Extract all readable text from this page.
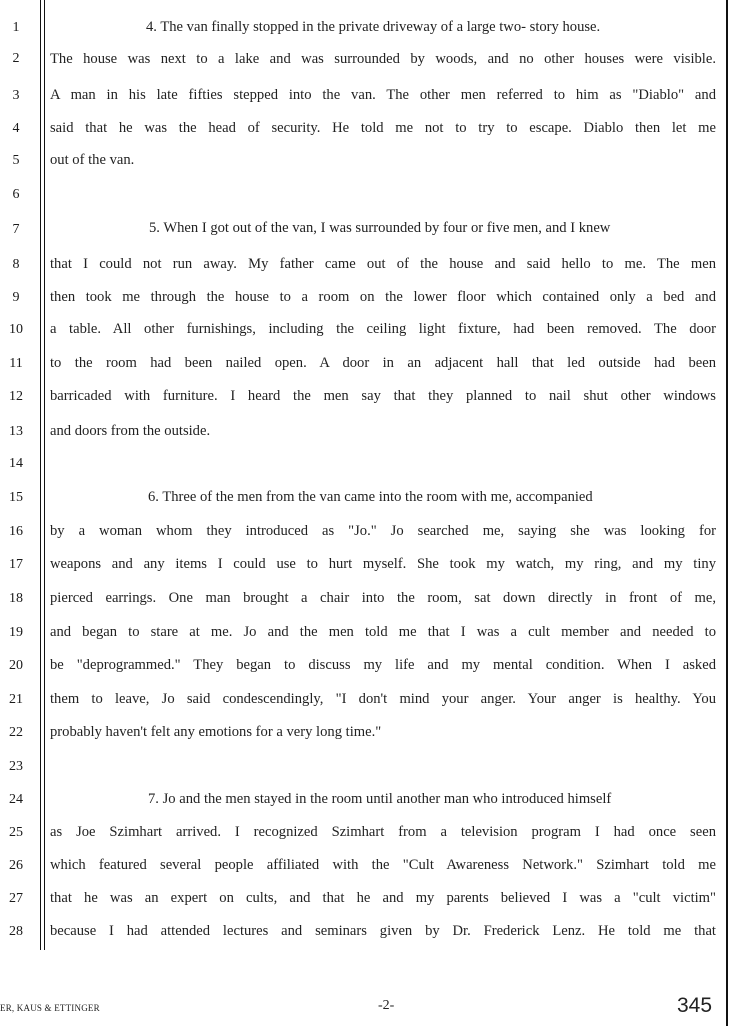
1
2
3
4
5
6
7
8
9
10
11
12
13
14
15
16
17
18
19
20
21
22
23
24
25
26
27
28
4. The van finally stopped in the private driveway of a large two- story house.
The house was next to a lake and was surrounded by woods, and no other houses were visible.
A man in his late fifties stepped into the van. The other men referred to him as "Diablo" and
said that he was the head of security. He told me not to try to escape. Diablo then let me
out of the van.
5. When I got out of the van, I was surrounded by four or five men, and I knew
that I could not run away. My father came out of the house and said hello to me. The men
then took me through the house to a room on the lower floor which contained only a bed and
a table. All other furnishings, including the ceiling light fixture, had been removed. The door
to the room had been nailed open. A door in an adjacent hall that led outside had been
barricaded with furniture. I heard the men say that they planned to nail shut other windows
and doors from the outside.
6. Three of the men from the van came into the room with me, accompanied
by a woman whom they introduced as "Jo." Jo searched me, saying she was looking for
weapons and any items I could use to hurt myself. She took my watch, my ring, and my tiny
pierced earrings. One man brought a chair into the room, sat down directly in front of me,
and began to stare at me. Jo and the men told me that I was a cult member and needed to
be "deprogrammed." They began to discuss my life and my mental condition. When I asked
them to leave, Jo said condescendingly, "I don't mind your anger. Your anger is healthy. You
probably haven't felt any emotions for a very long time."
7. Jo and the men stayed in the room until another man who introduced himself
as Joe Szimhart arrived. I recognized Szimhart from a television program I had once seen
which featured several people affiliated with the "Cult Awareness Network." Szimhart told me
that he was an expert on cults, and that he and my parents believed I was a "cult victim"
because I had attended lectures and seminars given by Dr. Frederick Lenz. He told me that
ER, KAUS & ETTINGER	-2-	345
